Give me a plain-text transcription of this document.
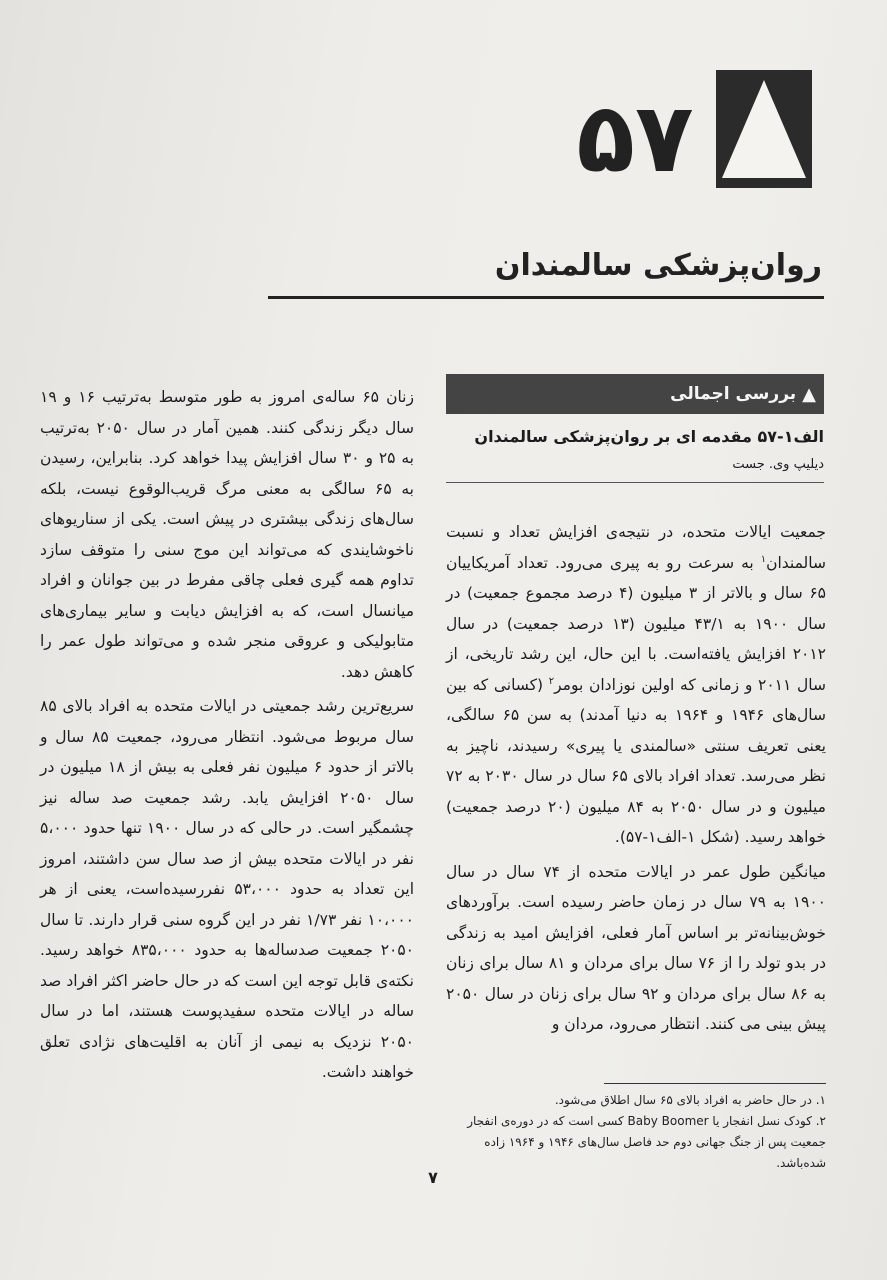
۵۷
روان‌پزشکی سالمندان
▲
بررسی اجمالی
الف‌۱-۵۷ مقدمه ای بر روان‌پزشکی سالمندان
دیلیپ وی. جست

زنان ۶۵ ساله‌ی امروز به طور متوسط به‌ترتیب ۱۶ و ۱۹ سال دیگر زندگی کنند. همین آمار در سال ۲۰۵۰ به‌ترتیب به ۲۵ و ۳۰ سال افزایش پیدا خواهد کرد. بنابراین، رسیدن به ۶۵ سالگی به معنی مرگ قریب‌الوقوع نیست، بلکه سال‌های زندگی بیشتری در پیش است. یکی از سناریوهای ناخوشایندی که می‌تواند این موج سنی را متوقف سازد تداوم همه گیری فعلی چاقی مفرط در بین جوانان و افراد میانسال است، که به افزایش دیابت و سایر بیماری‌های متابولیکی و عروقی منجر شده و می‌تواند طول عمر را کاهش دهد.

سریع‌ترین رشد جمعیتی در ایالات متحده به افراد بالای ۸۵ سال مربوط می‌شود. انتظار می‌رود، جمعیت ۸۵ سال و بالاتر از حدود ۶ میلیون نفر فعلی به بیش از ۱۸ میلیون در سال ۲۰۵۰ افزایش یابد. رشد جمعیت صد ساله نیز چشمگیر است. در حالی که در سال ۱۹۰۰ تنها حدود ۵،۰۰۰ نفر در ایالات متحده بیش از صد سال سن داشتند، امروز این تعداد به حدود ۵۳،۰۰۰ نفررسیده‌است، یعنی از هر ۱۰،۰۰۰ نفر ۱/۷۳ نفر در این گروه سنی قرار دارند. تا سال ۲۰۵۰ جمعیت صدساله‌ها به حدود ۸۳۵،۰۰۰ خواهد رسید. نکته‌ی قابل توجه این است که در حال حاضر اکثر افراد صد ساله در ایالات متحده سفیدپوست هستند، اما در سال ۲۰۵۰ نزدیک به نیمی از آنان به اقلیت‌های نژادی تعلق خواهند داشت.

جمعیت ایالات متحده، در نتیجه‌ی افزایش تعداد و نسبت سالمندان$^۱$ به سرعت رو به پیری می‌رود. تعداد آمریکاییان ۶۵ سال و بالاتر از ۳ میلیون (۴ درصد مجموع جمعیت) در سال ۱۹۰۰ به ۴۳/۱ میلیون (۱۳ درصد جمعیت) در سال ۲۰۱۲ افزایش یافته‌است. با این حال، این رشد تاریخی، از سال ۲۰۱۱ و زمانی که اولین نوزادان بومر$^۲$ (کسانی که بین سال‌های ۱۹۴۶ و ۱۹۶۴ به دنیا آمدند) به سن ۶۵ سالگی، یعنی تعریف سنتی «سالمندی یا پیری» رسیدند، ناچیز به نظر می‌رسد. تعداد افراد بالای ۶۵ سال در سال ۲۰۳۰ به ۷۲ میلیون و در سال ۲۰۵۰ به ۸۴ میلیون (۲۰ درصد جمعیت) خواهد رسید. (شکل ۱-الف‌۱-۵۷).

میانگین طول عمر در ایالات متحده از ۷۴ سال در سال ۱۹۰۰ به ۷۹ سال در زمان حاضر رسیده است. برآوردهای خوش‌بینانه‌تر بر اساس آمار فعلی، افزایش امید به زندگی در بدو تولد را از ۷۶ سال برای مردان و ۸۱ سال برای زنان به ۸۶ سال برای مردان و ۹۲ سال برای زنان در سال ۲۰۵۰ پیش بینی می کنند. انتظار می‌رود، مردان و

۱. در حال حاضر به افراد بالای ۶۵ سال اطلاق می‌شود.

۲. کودک نسل انفجار یا Baby Boomer کسی است که در دوره‌ی انفجار جمعیت پس از جنگ جهانی دوم حد فاصل سال‌های ۱۹۴۶ و ۱۹۶۴ زاده شده‌باشد.

۷
